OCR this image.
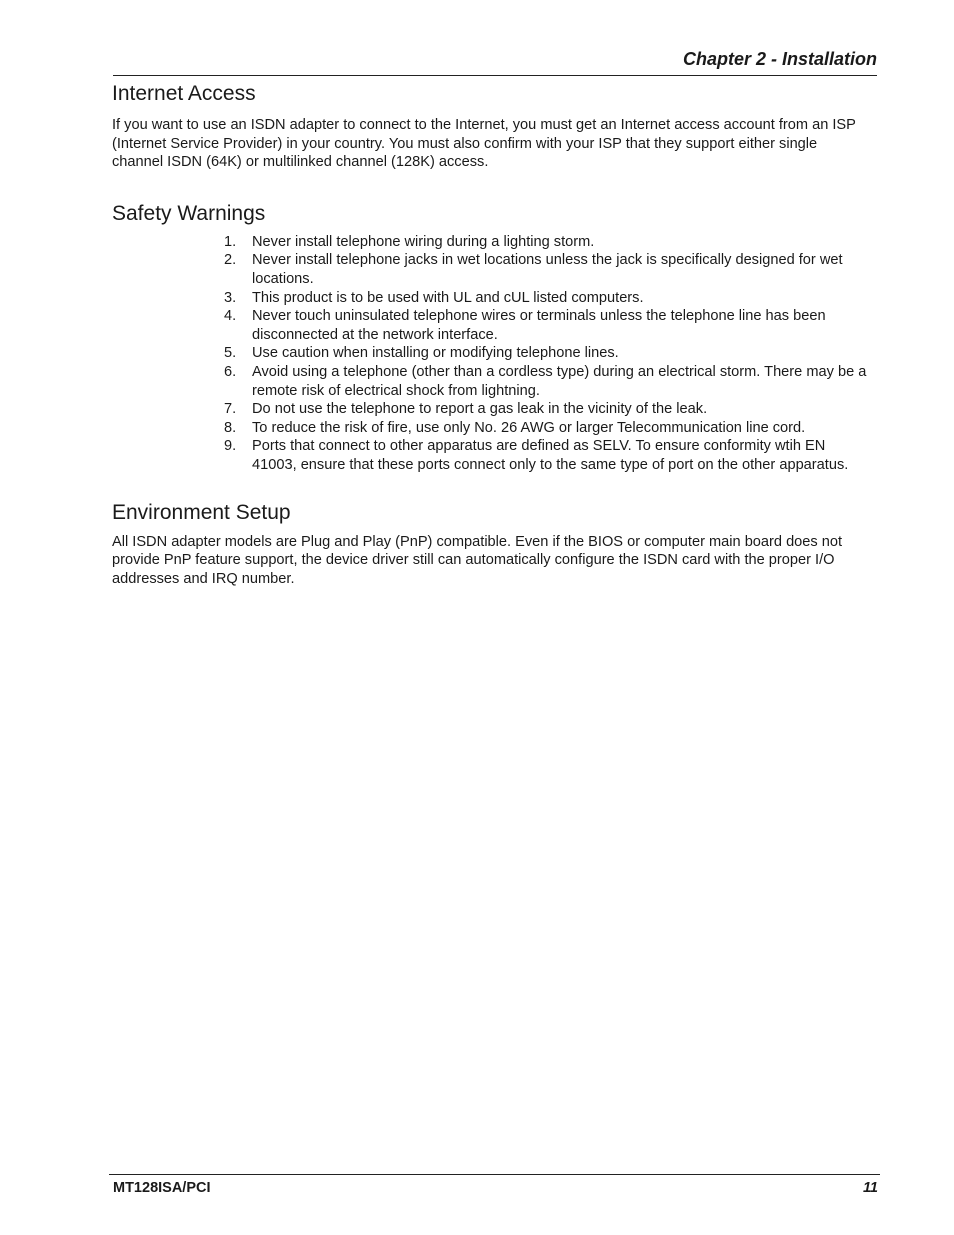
Chapter 2 - Installation
Internet Access

If you want to use an ISDN adapter to connect to the Internet, you must get an Internet access account from an ISP (Internet Service Provider) in your country. You must also confirm with your ISP that they support either single channel ISDN (64K) or multilinked channel (128K) access.

Safety Warnings
1. Never install telephone wiring during a lighting storm.
2. Never install telephone jacks in wet locations unless the jack is specifically designed for wet locations.
3. This product is to be used with UL and cUL listed computers.
4. Never touch uninsulated telephone wires or terminals unless the telephone line has been disconnected at the network interface.
5. Use caution when installing or modifying telephone lines.
6. Avoid using a telephone (other than a cordless type) during an electrical storm. There may be a remote risk of electrical shock from lightning.
7. Do not use the telephone to report a gas leak in the vicinity of the leak.
8. To reduce the risk of fire, use only No. 26 AWG or larger Telecommunication line cord.
9. Ports that connect to other apparatus are defined as SELV. To ensure conformity wtih EN 41003, ensure that these ports connect only to the same type of port on the other apparatus.
Environment Setup

All ISDN adapter models are Plug and Play (PnP) compatible. Even if the BIOS or computer main board does not provide PnP feature support, the device driver still can automatically configure the ISDN card with the proper I/O addresses and IRQ number.

MT128ISA/PCI	11
